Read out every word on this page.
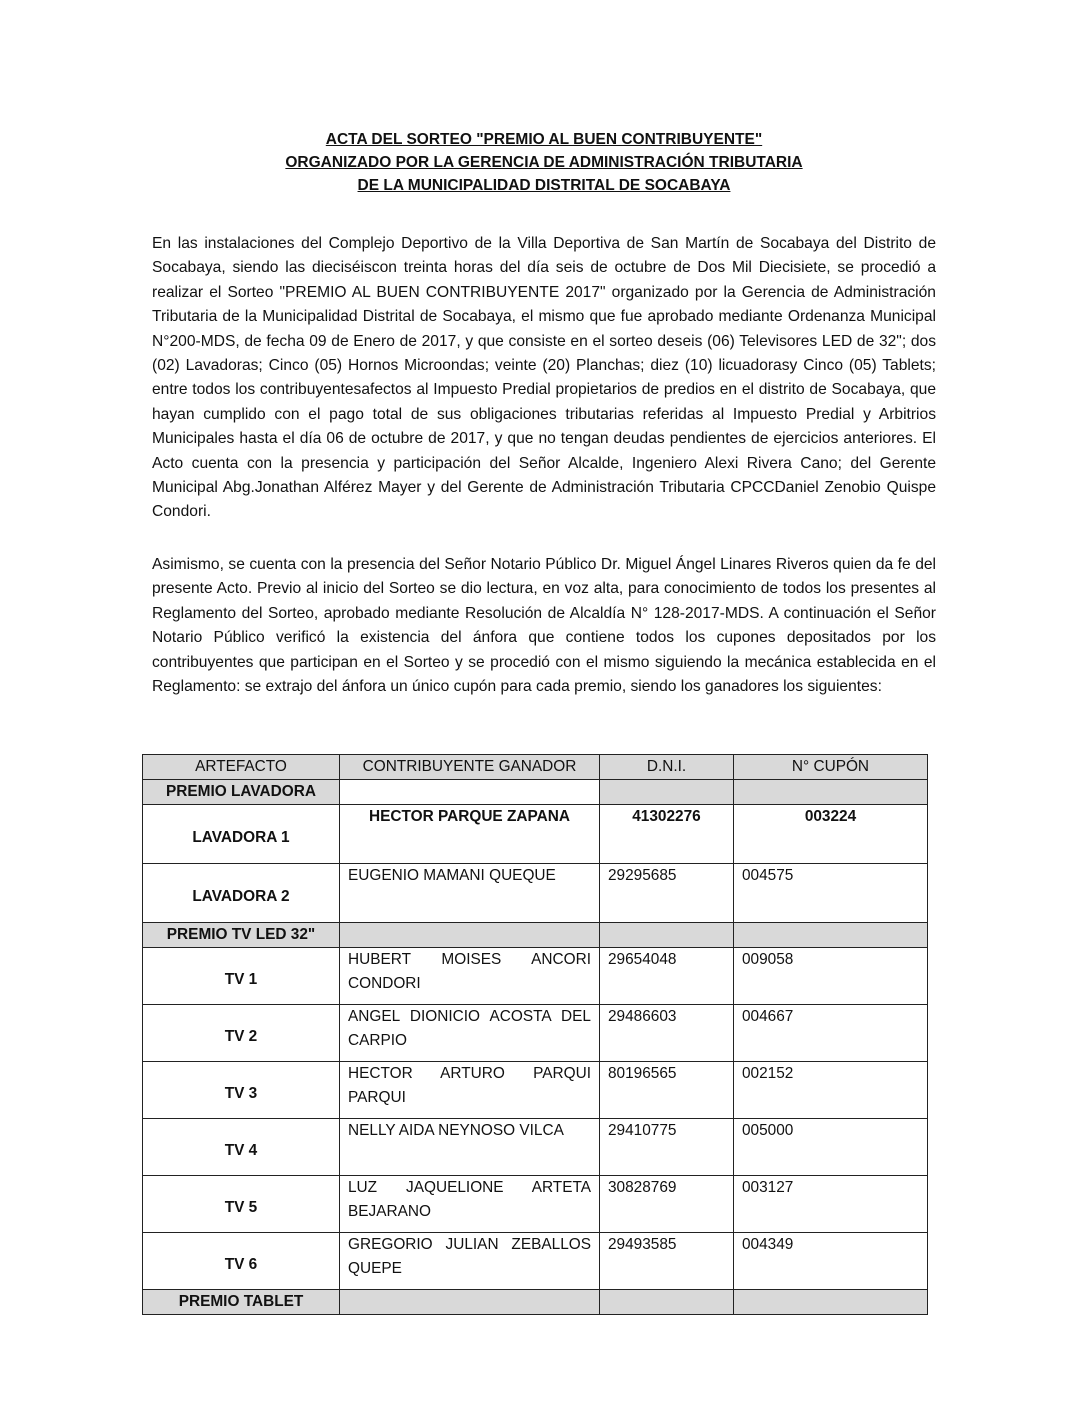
ACTA DEL SORTEO "PREMIO AL BUEN CONTRIBUYENTE"
ORGANIZADO POR LA GERENCIA DE ADMINISTRACIÓN TRIBUTARIA
DE LA MUNICIPALIDAD DISTRITAL DE SOCABAYA

En las instalaciones del Complejo Deportivo de la Villa Deportiva de San Martín de Socabaya del Distrito de Socabaya, siendo las dieciséiscon treinta horas del día seis de octubre de Dos Mil Diecisiete, se procedió a realizar el Sorteo "PREMIO AL BUEN CONTRIBUYENTE 2017" organizado por la Gerencia de Administración Tributaria de la Municipalidad Distrital de Socabaya, el mismo que fue aprobado mediante Ordenanza Municipal N°200-MDS, de fecha 09 de Enero de 2017, y que consiste en el sorteo deseis (06) Televisores LED de 32"; dos (02) Lavadoras; Cinco (05) Hornos Microondas; veinte (20) Planchas; diez (10) licuadorasy Cinco (05) Tablets; entre todos los contribuyentesafectos al Impuesto Predial propietarios de predios en el distrito de Socabaya, que hayan cumplido con el pago total de sus obligaciones tributarias referidas al Impuesto Predial y Arbitrios Municipales hasta el día 06 de octubre de 2017, y que no tengan deudas pendientes de ejercicios anteriores. El Acto cuenta con la presencia y participación del Señor Alcalde, Ingeniero Alexi Rivera Cano; del Gerente Municipal Abg.Jonathan Alférez Mayer y del Gerente de Administración Tributaria CPCCDaniel Zenobio Quispe Condori.

Asimismo, se cuenta con la presencia del Señor Notario Público Dr. Miguel Ángel Linares Riveros quien da fe del presente Acto. Previo al inicio del Sorteo se dio lectura, en voz alta, para conocimiento de todos los presentes al Reglamento del Sorteo, aprobado mediante Resolución de Alcaldía N° 128-2017-MDS. A continuación el Señor Notario Público verificó la existencia del ánfora que contiene todos los cupones depositados por los contribuyentes que participan en el Sorteo y se procedió con el mismo siguiendo la mecánica establecida en el Reglamento: se extrajo del ánfora un único cupón para cada premio, siendo los ganadores los siguientes:

ARTEFACTO	CONTRIBUYENTE GANADOR	D.N.I.	N° CUPÓN
PREMIO LAVADORA			
LAVADORA 1	HECTOR PARQUE ZAPANA	41302276	003224
LAVADORA 2	EUGENIO MAMANI QUEQUE	29295685	004575
PREMIO TV LED 32"			
TV 1	HUBERT MOISES ANCORI CONDORI	29654048	009058
TV 2	ANGEL DIONICIO ACOSTA DEL CARPIO	29486603	004667
TV 3	HECTOR ARTURO PARQUI PARQUI	80196565	002152
TV 4	NELLY AIDA NEYNOSO VILCA	29410775	005000
TV 5	LUZ JAQUELIONE ARTETA BEJARANO	30828769	003127
TV 6	GREGORIO JULIAN ZEBALLOS QUEPE	29493585	004349
PREMIO TABLET			
